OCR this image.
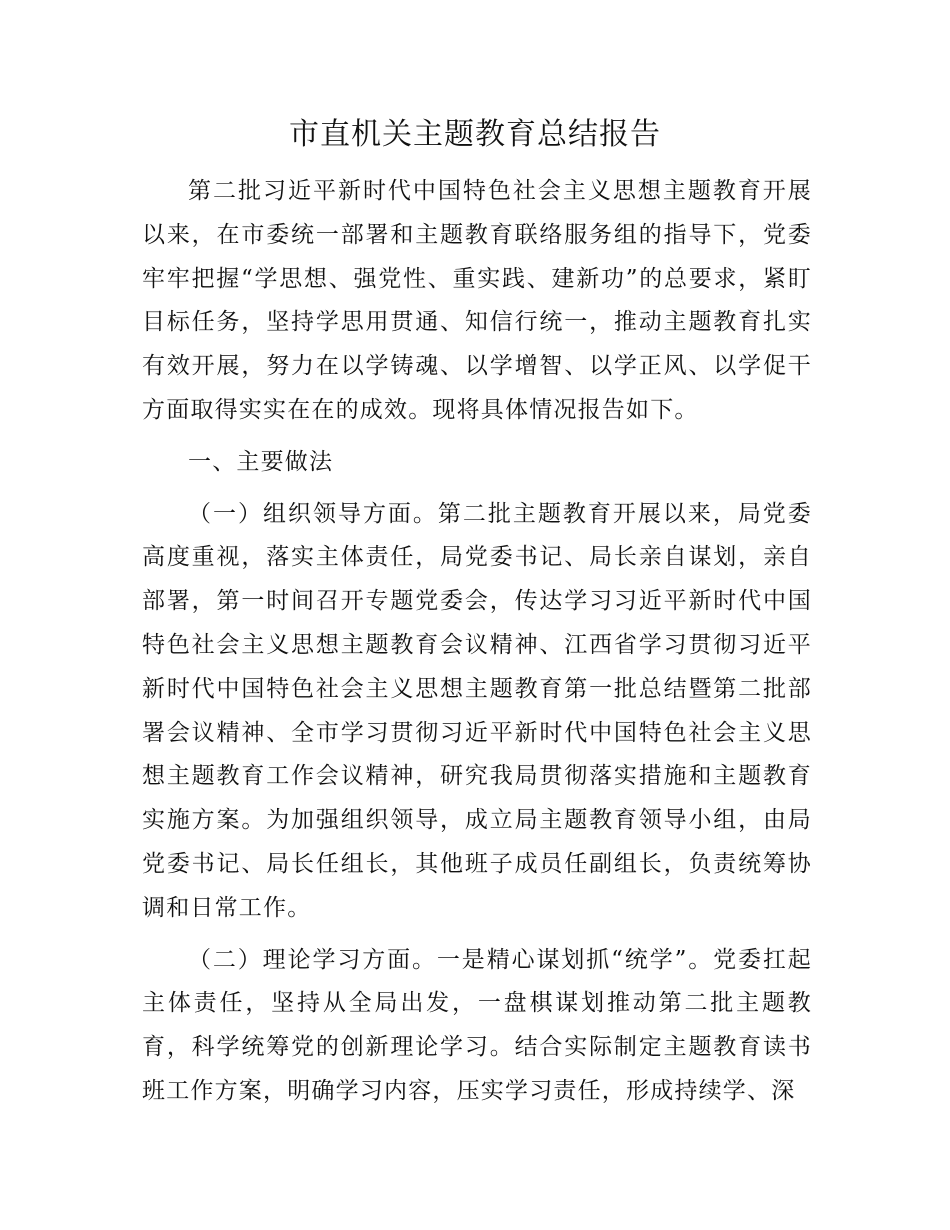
市直机关主题教育总结报告

第二批习近平新时代中国特色社会主义思想主题教育开展以来，在市委统一部署和主题教育联络服务组的指导下，党委牢牢把握“学思想、强党性、重实践、建新功”的总要求，紧盯目标任务，坚持学思用贯通、知信行统一，推动主题教育扎实有效开展，努力在以学铸魂、以学增智、以学正风、以学促干方面取得实实在在的成效。现将具体情况报告如下。

一、主要做法

（一）组织领导方面。第二批主题教育开展以来，局党委高度重视，落实主体责任，局党委书记、局长亲自谋划，亲自部署，第一时间召开专题党委会，传达学习习近平新时代中国特色社会主义思想主题教育会议精神、江西省学习贯彻习近平新时代中国特色社会主义思想主题教育第一批总结暨第二批部署会议精神、全市学习贯彻习近平新时代中国特色社会主义思想主题教育工作会议精神，研究我局贯彻落实措施和主题教育实施方案。为加强组织领导，成立局主题教育领导小组，由局党委书记、局长任组长，其他班子成员任副组长，负责统筹协调和日常工作。

（二）理论学习方面。一是精心谋划抓“统学”。党委扛起主体责任，坚持从全局出发，一盘棋谋划推动第二批主题教育，科学统筹党的创新理论学习。结合实际制定主题教育读书班工作方案，明确学习内容，压实学习责任，形成持续学、深
